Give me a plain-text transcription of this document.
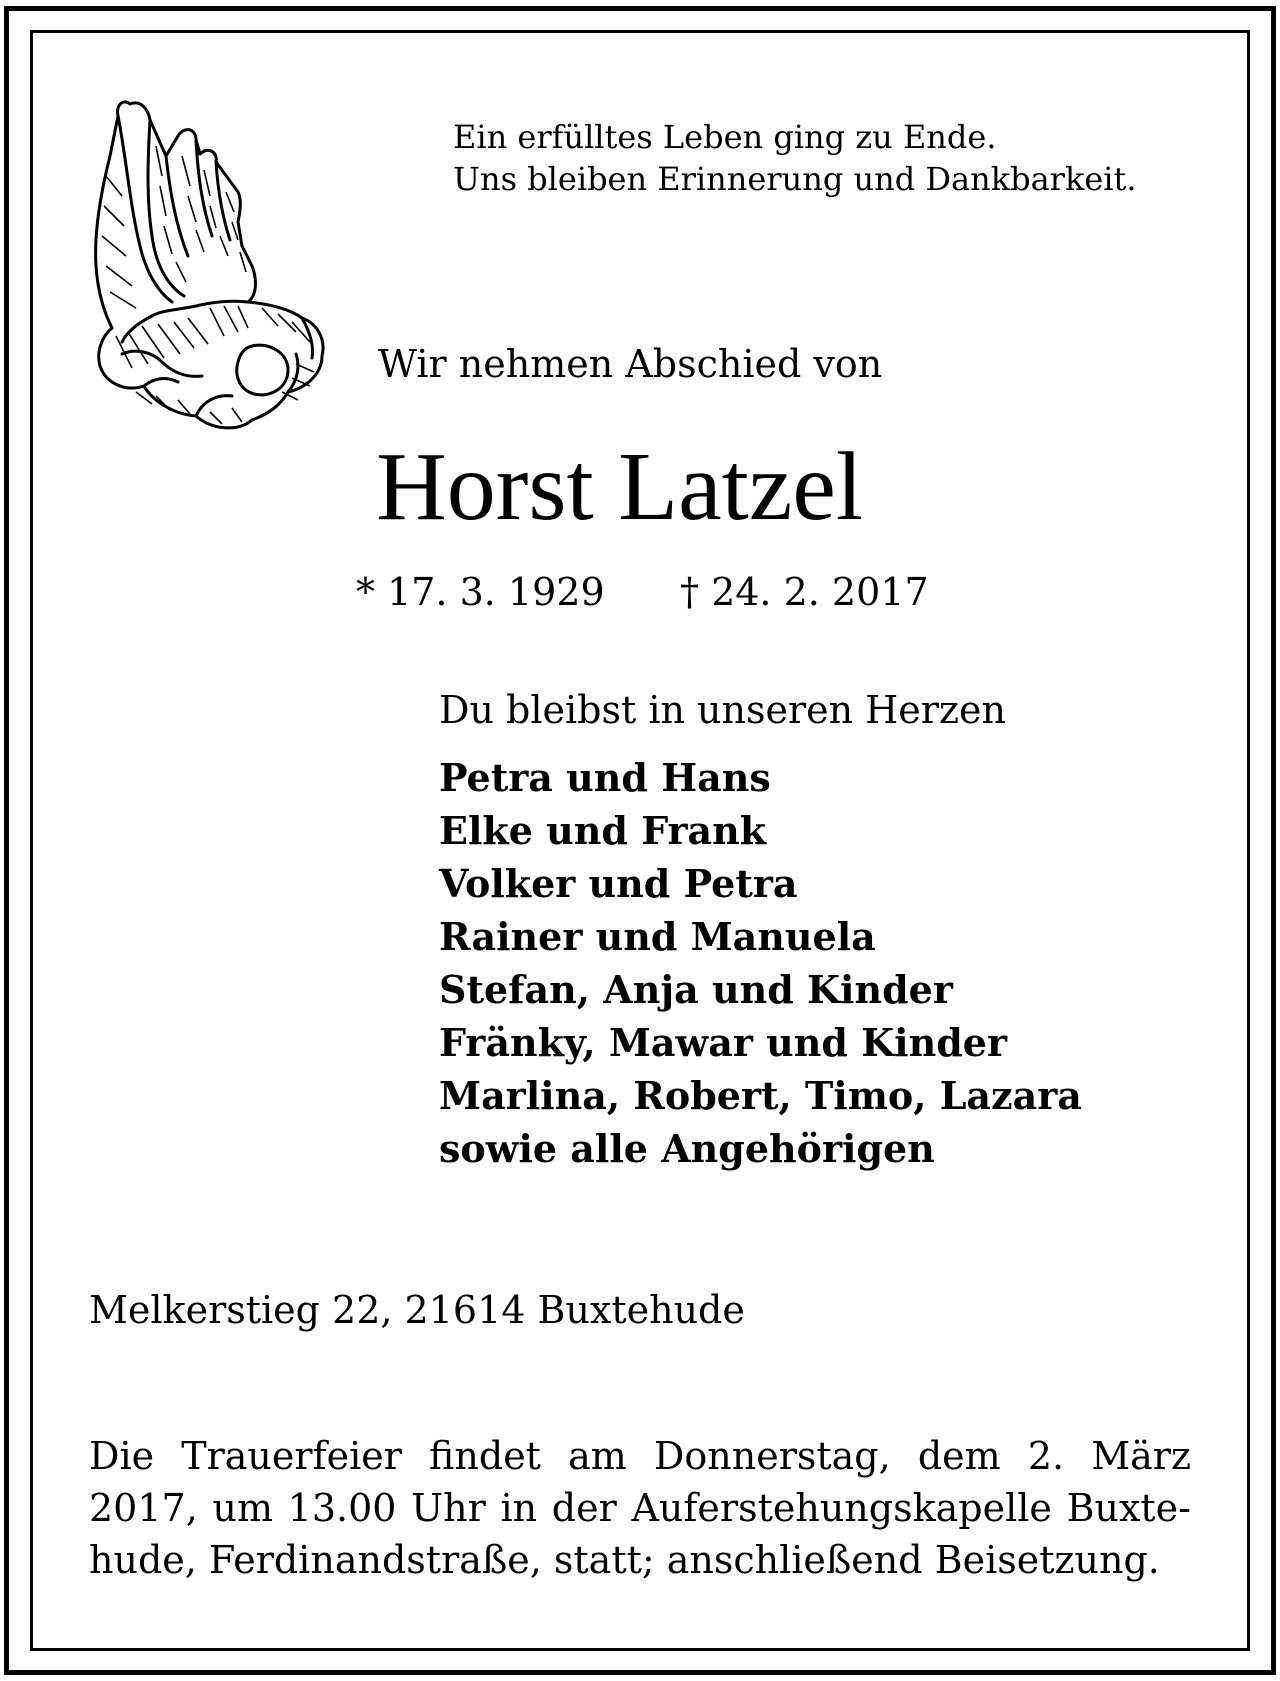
Ein erfülltes Leben ging zu Ende.
Uns bleiben Erinnerung und Dankbarkeit.
Wir nehmen Abschied von
Horst Latzel
* 17. 3. 1929 † 24. 2. 2017
Du bleibst in unseren Herzen
Petra und Hans
Elke und Frank
Volker und Petra
Rainer und Manuela
Stefan, Anja und Kinder
Fränky, Mawar und Kinder
Marlina, Robert, Timo, Lazara
sowie alle Angehörigen
Melkerstieg 22, 21614 Buxtehude
Die Trauerfeier findet am Donnerstag, dem 2. März
2017, um 13.00 Uhr in der Auferstehungskapelle Buxte-
hude, Ferdinandstraße, statt; anschließend Beisetzung.
